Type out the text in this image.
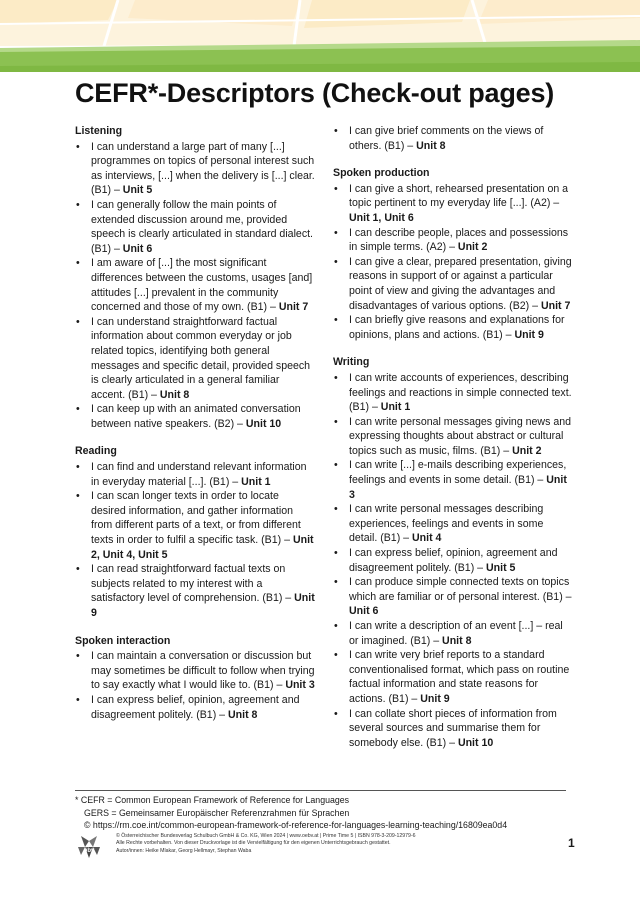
CEFR*-Descriptors (Check-out pages)
Listening
• I can understand a large part of many [...] programmes on topics of personal interest such as interviews, [...] when the delivery is [...] clear. (B1) – Unit 5
• I can generally follow the main points of extended discussion around me, provided speech is clearly articulated in standard dialect. (B1) – Unit 6
• I am aware of [...] the most significant differences between the customs, usages [and] attitudes [...] prevalent in the community concerned and those of my own. (B1) – Unit 7
• I can understand straightforward factual information about common everyday or job related topics, identifying both general messages and specific detail, provided speech is clearly articulated in a general familiar accent. (B1) – Unit 8
• I can keep up with an animated conversation between native speakers. (B2) – Unit 10
Reading
• I can find and understand relevant information in everyday material [...]. (B1) – Unit 1
• I can scan longer texts in order to locate desired information, and gather information from different parts of a text, or from different texts in order to fulfil a specific task. (B1) – Unit 2, Unit 4, Unit 5
• I can read straightforward factual texts on subjects related to my interest with a satisfactory level of comprehension. (B1) – Unit 9
Spoken interaction
• I can maintain a conversation or discussion but may sometimes be difficult to follow when trying to say exactly what I would like to. (B1) – Unit 3
• I can express belief, opinion, agreement and disagreement politely. (B1) – Unit 8
• I can give brief comments on the views of others. (B1) – Unit 8
Spoken production
• I can give a short, rehearsed presentation on a topic pertinent to my everyday life [...]. (A2) – Unit 1, Unit 6
• I can describe people, places and possessions in simple terms. (A2) – Unit 2
• I can give a clear, prepared presentation, giving reasons in support of or against a particular point of view and giving the advantages and disadvantages of various options. (B2) – Unit 7
• I can briefly give reasons and explanations for opinions, plans and actions. (B1) – Unit 9
Writing
• I can write accounts of experiences, describing feelings and reactions in simple connected text. (B1) – Unit 1
• I can write personal messages giving news and expressing thoughts about abstract or cultural topics such as music, films. (B1) – Unit 2
• I can write [...] e-mails describing experiences, feelings and events in some detail. (B1) – Unit 3
• I can write personal messages describing experiences, feelings and events in some detail. (B1) – Unit 4
• I can express belief, opinion, agreement and disagreement politely. (B1) – Unit 5
• I can produce simple connected texts on topics which are familiar or of personal interest. (B1) – Unit 6
• I can write a description of an event [...] – real or imagined. (B1) – Unit 8
• I can write very brief reports to a standard conventionalised format, which pass on routine factual information and state reasons for actions. (B1) – Unit 9
• I can collate short pieces of information from several sources and summarise them for somebody else. (B1) – Unit 10
* CEFR = Common European Framework of Reference for Languages
GERS = Gemeinsamer Europäischer Referenzrahmen für Sprachen
© https://rm.coe.int/common-european-framework-of-reference-for-languages-learning-teaching/16809ea0d4
öbv
© Österreichischer Bundesverlag Schulbuch GmbH & Co. KG, Wien 2024 | www.oebv.at | Prime Time 5 | ISBN 978-3-209-12979-6
Alle Rechte vorbehalten. Von dieser Druckvorlage ist die Vervielfältigung für den eigenen Unterrichtsgebrauch gestattet.
Autor/innen: Heike Mlakar, Georg Hellmayr, Stephan Waba
1
